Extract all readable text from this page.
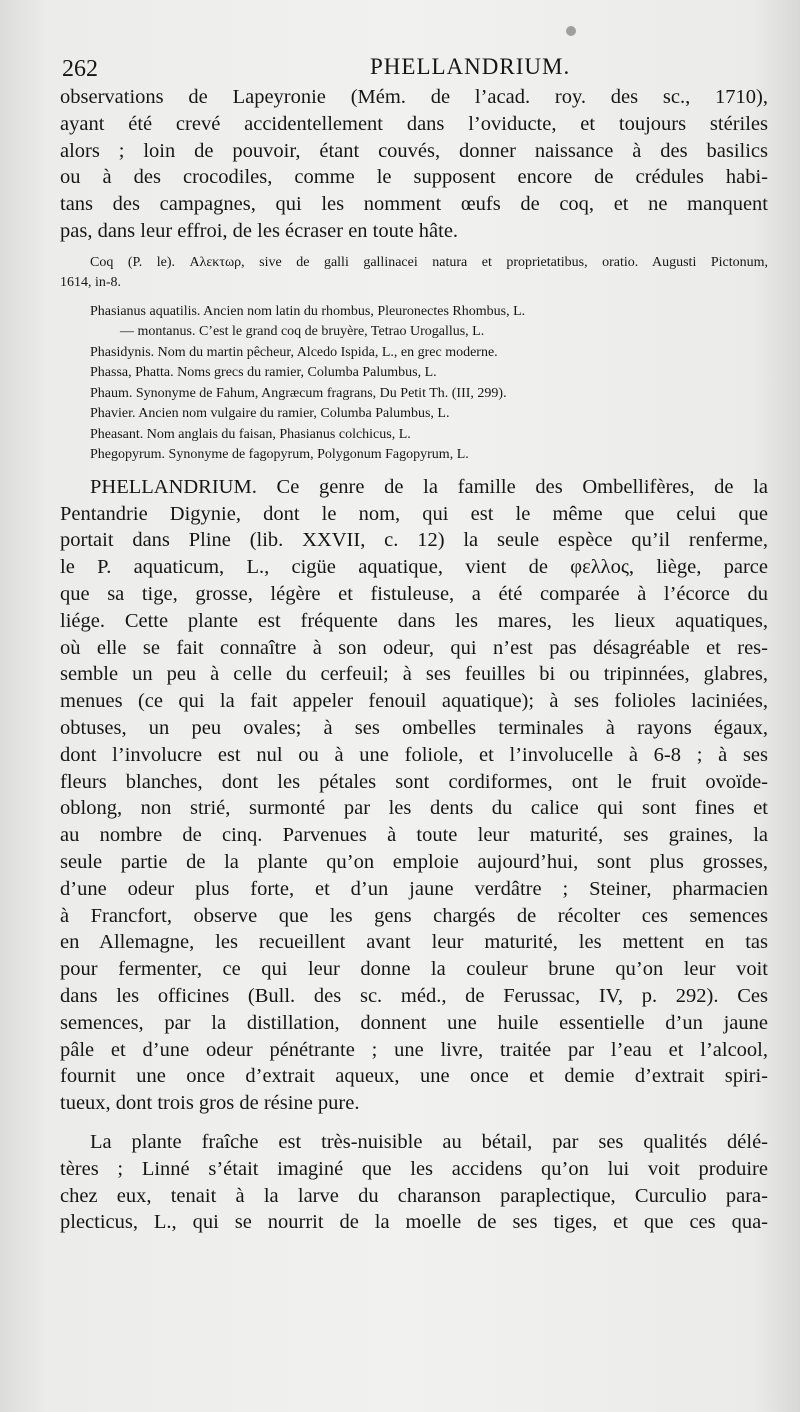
262	PHELLANDRIUM.

observations de Lapeyronie (Mém. de l’acad. roy. des sc., 1710),

ayant été crevé accidentellement dans l’oviducte, et toujours stériles

alors ; loin de pouvoir, étant couvés, donner naissance à des basilics

ou à des crocodiles, comme le supposent encore de crédules habi-

tans des campagnes, qui les nomment œufs de coq, et ne manquent

pas, dans leur effroi, de les écraser en toute hâte.

Coq (P. le). Αλεκτωρ, sive de galli gallinacei natura et proprietatibus, oratio. Augusti Pictonum,

1614, in-8.

Phasianus aquatilis. Ancien nom latin du rhombus, Pleuronectes Rhombus, L.

— montanus. C’est le grand coq de bruyère, Tetrao Urogallus, L.

Phasidynis. Nom du martin pêcheur, Alcedo Ispida, L., en grec moderne.

Phassa, Phatta. Noms grecs du ramier, Columba Palumbus, L.

Phaum. Synonyme de Fahum, Angræcum fragrans, Du Petit Th. (III, 299).

Phavier. Ancien nom vulgaire du ramier, Columba Palumbus, L.

Pheasant. Nom anglais du faisan, Phasianus colchicus, L.

Phegopyrum. Synonyme de fagopyrum, Polygonum Fagopyrum, L.

PHELLANDRIUM. Ce genre de la famille des Ombellifères, de la

Pentandrie Digynie, dont le nom, qui est le même que celui que

portait dans Pline (lib. XXVII, c. 12) la seule espèce qu’il renferme,

le P. aquaticum, L., cigüe aquatique, vient de φελλος, liège, parce

que sa tige, grosse, légère et fistuleuse, a été comparée à l’écorce du

liége. Cette plante est fréquente dans les mares, les lieux aquatiques,

où elle se fait connaître à son odeur, qui n’est pas désagréable et res-

semble un peu à celle du cerfeuil; à ses feuilles bi ou tripinnées, glabres,

menues (ce qui la fait appeler fenouil aquatique); à ses folioles laciniées,

obtuses, un peu ovales; à ses ombelles terminales à rayons égaux,

dont l’involucre est nul ou à une foliole, et l’involucelle à 6-8 ; à ses

fleurs blanches, dont les pétales sont cordiformes, ont le fruit ovoïde-

oblong, non strié, surmonté par les dents du calice qui sont fines et

au nombre de cinq. Parvenues à toute leur maturité, ses graines, la

seule partie de la plante qu’on emploie aujourd’hui, sont plus grosses,

d’une odeur plus forte, et d’un jaune verdâtre ; Steiner, pharmacien

à Francfort, observe que les gens chargés de récolter ces semences

en Allemagne, les recueillent avant leur maturité, les mettent en tas

pour fermenter, ce qui leur donne la couleur brune qu’on leur voit

dans les officines (Bull. des sc. méd., de Ferussac, IV, p. 292). Ces

semences, par la distillation, donnent une huile essentielle d’un jaune

pâle et d’une odeur pénétrante ; une livre, traitée par l’eau et l’alcool,

fournit une once d’extrait aqueux, une once et demie d’extrait spiri-

tueux, dont trois gros de résine pure.

La plante fraîche est très-nuisible au bétail, par ses qualités délé-

tères ; Linné s’était imaginé que les accidens qu’on lui voit produire

chez eux, tenait à la larve du charanson paraplectique, Curculio para-

plecticus, L., qui se nourrit de la moelle de ses tiges, et que ces qua-
